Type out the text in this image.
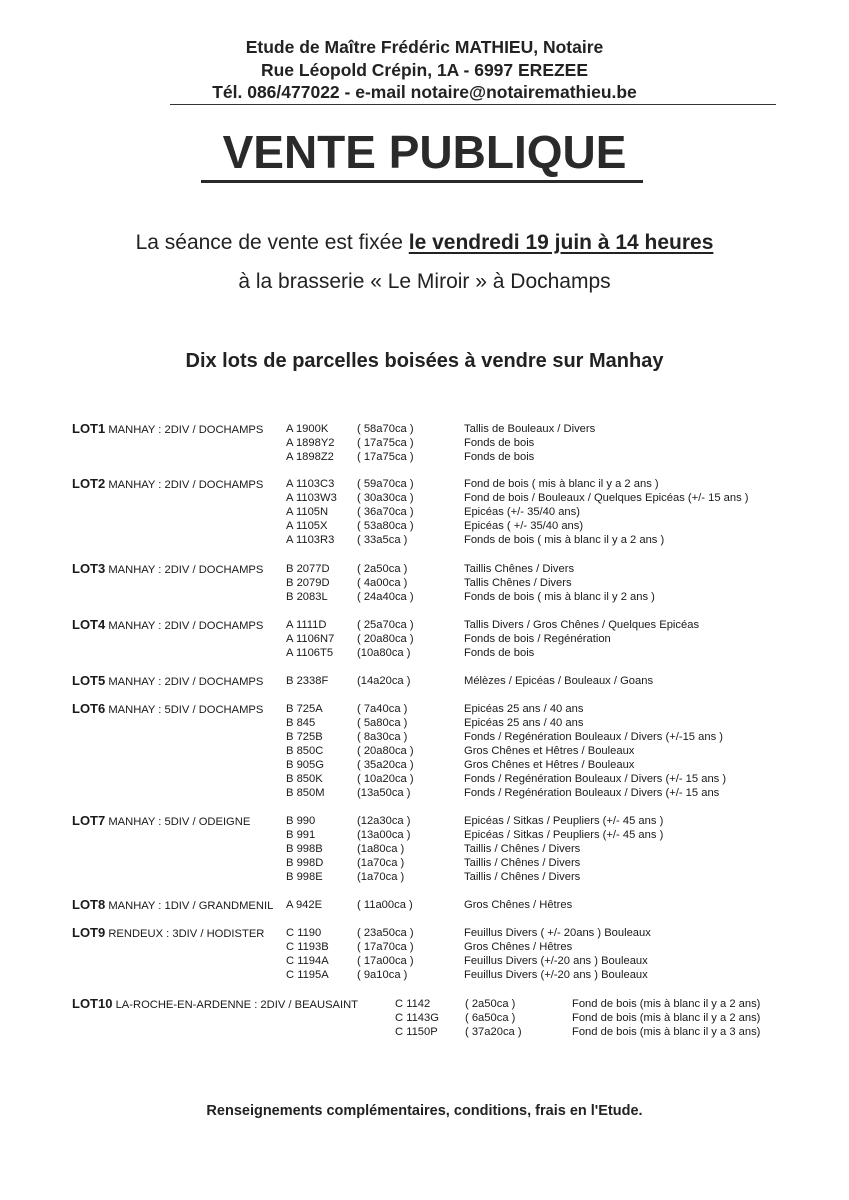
Etude de Maître Frédéric MATHIEU, Notaire
Rue Léopold Crépin, 1A - 6997 EREZEE
Tél. 086/477022 - e-mail notaire@notairemathieu.be
VENTE PUBLIQUE
La séance de vente est fixée le vendredi 19 juin à 14 heures
à la brasserie « Le Miroir » à Dochamps
Dix lots de parcelles boisées à vendre sur Manhay
LOT1 MANHAY : 2DIV / DOCHAMPS A 1900K	( 58a70ca )	Tallis de Bouleaux / Divers
A 1898Y2 ( 17a75ca )	Fonds de bois
A 1898Z2 ( 17a75ca )	Fonds de bois
LOT2 MANHAY : 2DIV / DOCHAMPS A 1103C3 ( 59a70ca )	Fond de bois ( mis à blanc il y a 2 ans )
A 1103W3 ( 30a30ca )	Fond de bois / Bouleaux / Quelques Epicéas (+/- 15 ans )
A 1105N	( 36a70ca )	Epicéas (+/- 35/40 ans)
A 1105X	( 53a80ca )	Epicéas ( +/- 35/40 ans)
A 1103R3 ( 33a5ca )	Fonds de bois ( mis à blanc il y a 2 ans )
LOT3 MANHAY : 2DIV / DOCHAMPS B 2077D ( 2a50ca )	Taillis Chênes / Divers
B 2079D ( 4a00ca )	Tallis Chênes / Divers
B 2083L	( 24a40ca )	Fonds de bois ( mis à blanc il y 2 ans )
LOT4 MANHAY : 2DIV / DOCHAMPS A 1111D	( 25a70ca )	Tallis Divers / Gros Chênes / Quelques Epicéas
A 1106N7 ( 20a80ca )	Fonds de bois / Regénération
A 1106T5 (10a80ca )	Fonds de bois
LOT5 MANHAY : 2DIV / DOCHAMPS B 2338F	(14a20ca )	Mélèzes / Epicéas / Bouleaux / Goans
LOT6 MANHAY : 5DIV / DOCHAMPS B 725A	( 7a40ca )	Epicéas 25 ans / 40 ans
B 845	( 5a80ca )	Epicéas 25 ans / 40 ans
B 725B	( 8a30ca )	Fonds / Regénération Bouleaux / Divers (+/-15 ans )
B 850C	( 20a80ca )	Gros Chênes et Hêtres / Bouleaux
B 905G	( 35a20ca )	Gros Chênes et Hêtres / Bouleaux
B 850K	( 10a20ca )	Fonds / Regénération Bouleaux / Divers (+/- 15 ans )
B 850M	(13a50ca )	Fonds / Regénération Bouleaux / Divers (+/- 15 ans
LOT7 MANHAY : 5DIV / ODEIGNE	B 990	(12a30ca )	Epicéas / Sitkas / Peupliers (+/- 45 ans )
B 991	(13a00ca )	Epicéas / Sitkas / Peupliers (+/- 45 ans )
B 998B	(1a80ca )	Taillis / Chênes / Divers
B 998D	(1a70ca )	Taillis / Chênes / Divers
B 998E	(1a70ca )	Taillis / Chênes / Divers
LOT8 MANHAY : 1DIV / GRANDMENIL A 942E	( 11a00ca )	Gros Chênes / Hêtres
LOT9 RENDEUX : 3DIV / HODISTER C 1190	( 23a50ca )	Feuillus Divers ( +/- 20ans ) Bouleaux
C 1193B	( 17a70ca )	Gros Chênes / Hêtres
C 1194A	( 17a00ca )	Feuillus Divers (+/-20 ans ) Bouleaux
C 1195A	( 9a10ca )	Feuillus Divers (+/-20 ans ) Bouleaux
LOT10 LA-ROCHE-EN-ARDENNE : 2DIV / BEAUSAINT	C 1142	( 2a50ca )	Fond de bois (mis à blanc il y a 2 ans)
C 1143G ( 6a50ca )	Fond de bois (mis à blanc il y a 2 ans)
C 1150P ( 37a20ca )	Fond de bois (mis à blanc il y a 3 ans)
Renseignements complémentaires, conditions, frais en l'Etude.
